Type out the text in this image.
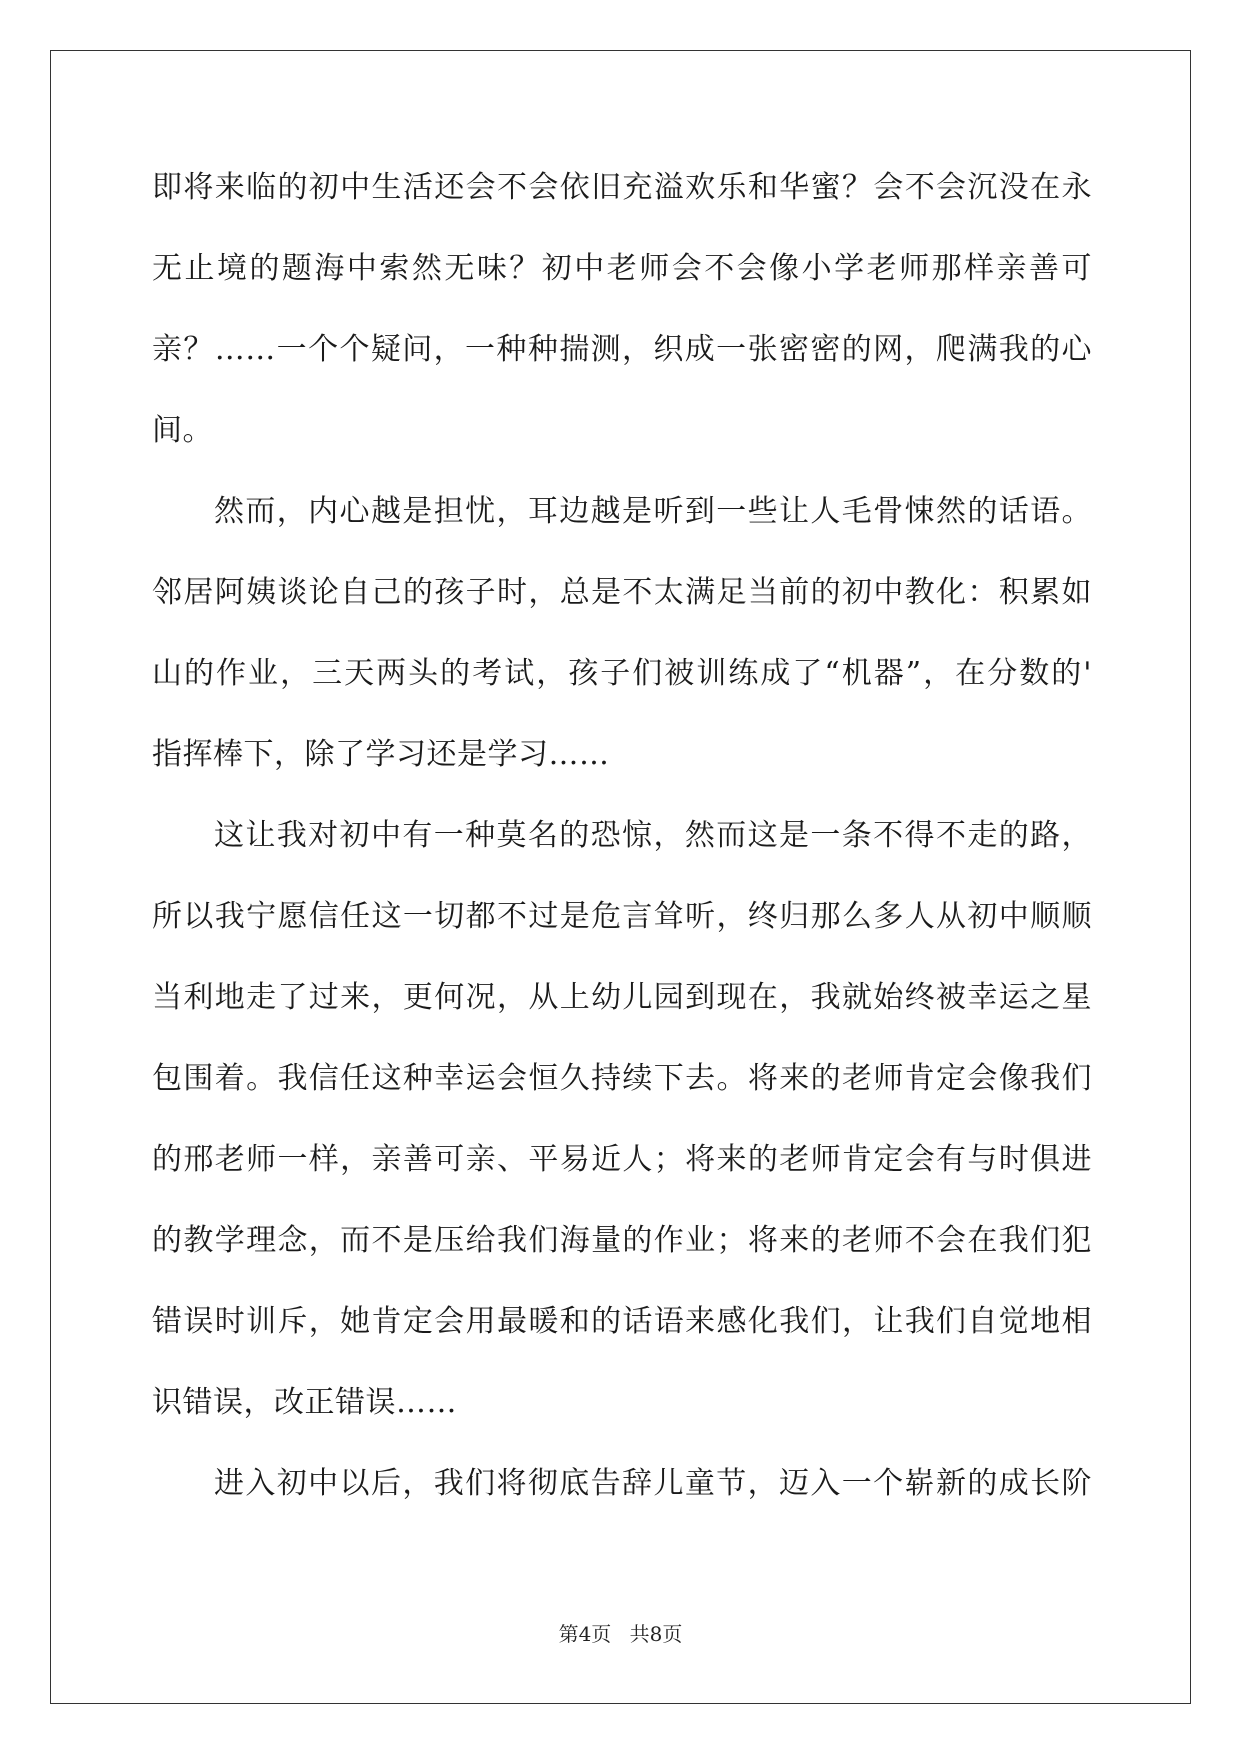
即将来临的初中生活还会不会依旧充溢欢乐和华蜜？会不会沉没在永
无止境的题海中索然无味？初中老师会不会像小学老师那样亲善可
亲？……一个个疑问，一种种揣测，织成一张密密的网，爬满我的心
间。
然而，内心越是担忧，耳边越是听到一些让人毛骨悚然的话语。
邻居阿姨谈论自己的孩子时，总是不太满足当前的初中教化：积累如
山的作业，三天两头的考试，孩子们被训练成了“机器”，在分数的'
指挥棒下，除了学习还是学习……
这让我对初中有一种莫名的恐惊，然而这是一条不得不走的路，
所以我宁愿信任这一切都不过是危言耸听，终归那么多人从初中顺顺
当利地走了过来，更何况，从上幼儿园到现在，我就始终被幸运之星
包围着。我信任这种幸运会恒久持续下去。将来的老师肯定会像我们
的邢老师一样，亲善可亲、平易近人；将来的老师肯定会有与时俱进
的教学理念，而不是压给我们海量的作业；将来的老师不会在我们犯
错误时训斥，她肯定会用最暖和的话语来感化我们，让我们自觉地相
识错误，改正错误……
进入初中以后，我们将彻底告辞儿童节，迈入一个崭新的成长阶
第4页 共8页
